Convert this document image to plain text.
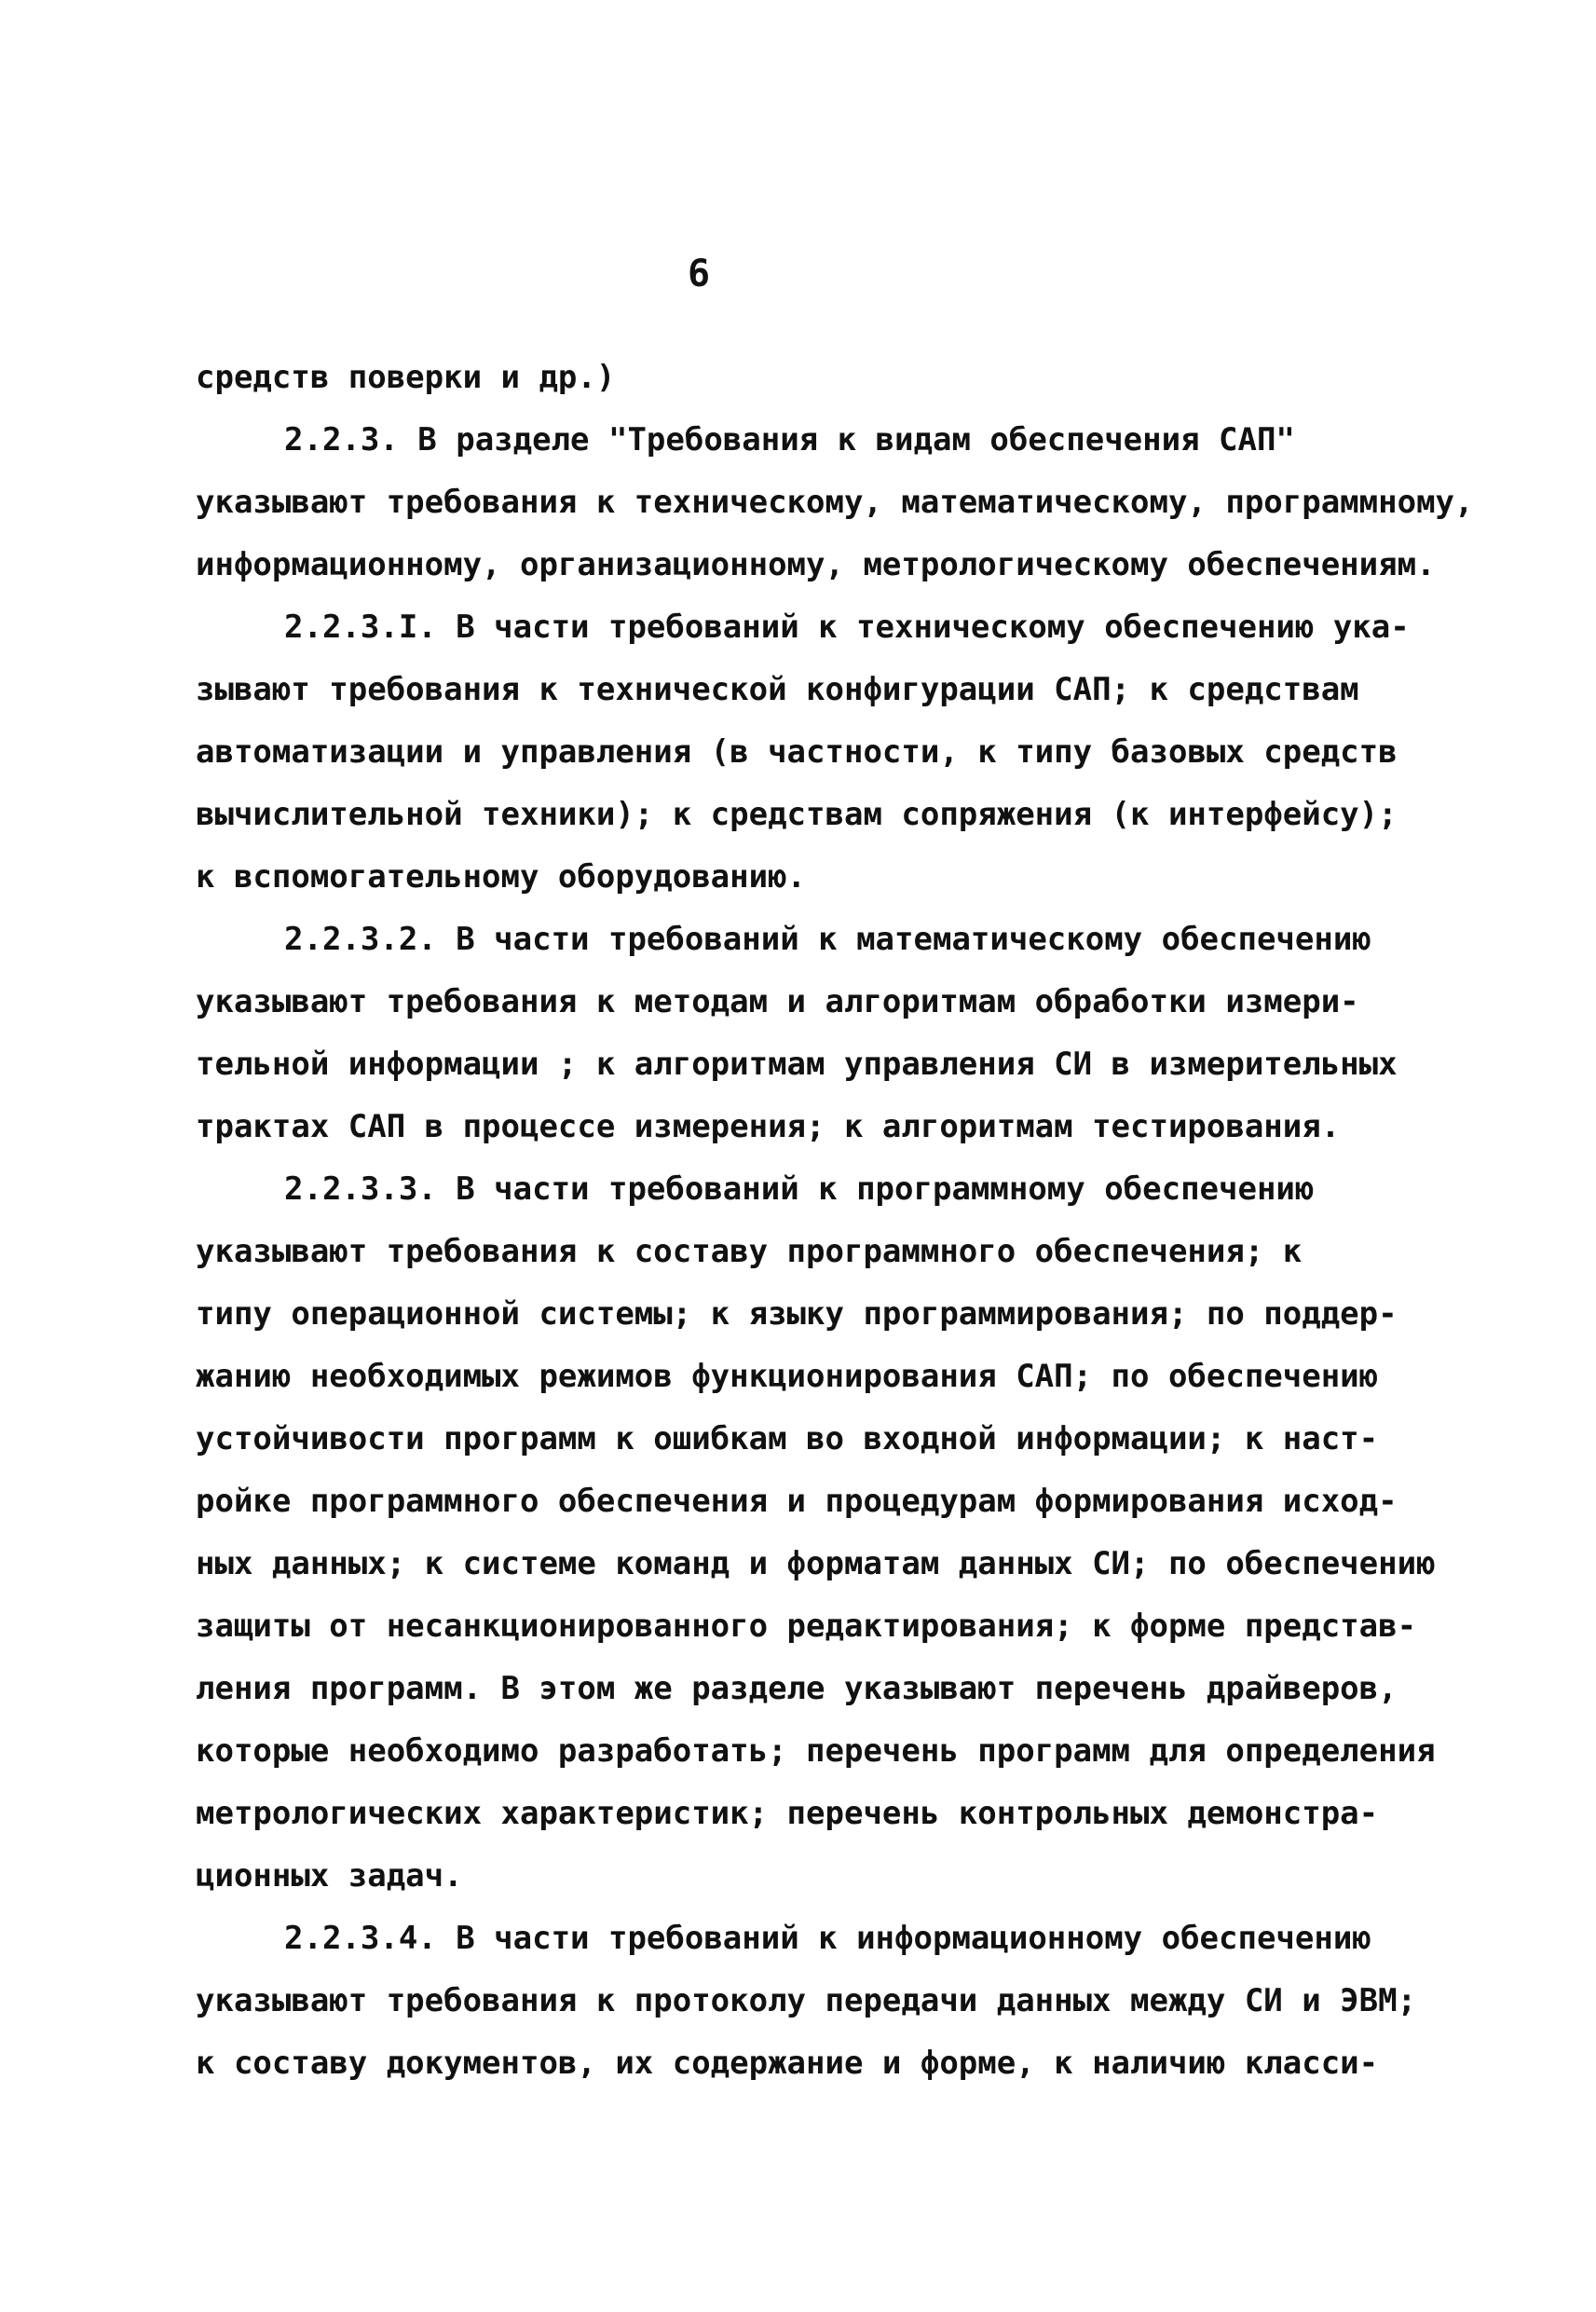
6
средств поверки и др.)
2.2.3. В разделе "Требования к видам обеспечения САП"
указывают требования к техническому, математическому, программному,
информационному, организационному, метрологическому обеспечениям.
2.2.3.I. В части требований к техническому обеспечению ука-
зывают требования к технической конфигурации САП; к средствам
автоматизации и управления (в частности, к типу базовых средств
вычислительной техники); к средствам сопряжения (к интерфейсу);
к вспомогательному оборудованию.
2.2.3.2. В части требований к математическому обеспечению
указывают требования к методам и алгоритмам обработки измери-
тельной информации ; к алгоритмам управления СИ в измерительных
трактах САП в процессе измерения; к алгоритмам тестирования.
2.2.3.3. В части требований к программному обеспечению
указывают требования к составу программного обеспечения; к
типу операционной системы; к языку программирования; по поддер-
жанию необходимых режимов функционирования САП; по обеспечению
устойчивости программ к ошибкам во входной информации; к наст-
ройке программного обеспечения и процедурам формирования исход-
ных данных; к системе команд и форматам данных СИ; по обеспечению
защиты от несанкционированного редактирования; к форме представ-
ления программ. В этом же разделе указывают перечень драйверов,
которые необходимо разработать; перечень программ для определения
метрологических характеристик; перечень контрольных демонстра-
ционных задач.
2.2.3.4. В части требований к информационному обеспечению
указывают требования к протоколу передачи данных между СИ и ЭВМ;
к составу документов, их содержание и форме, к наличию класси-
